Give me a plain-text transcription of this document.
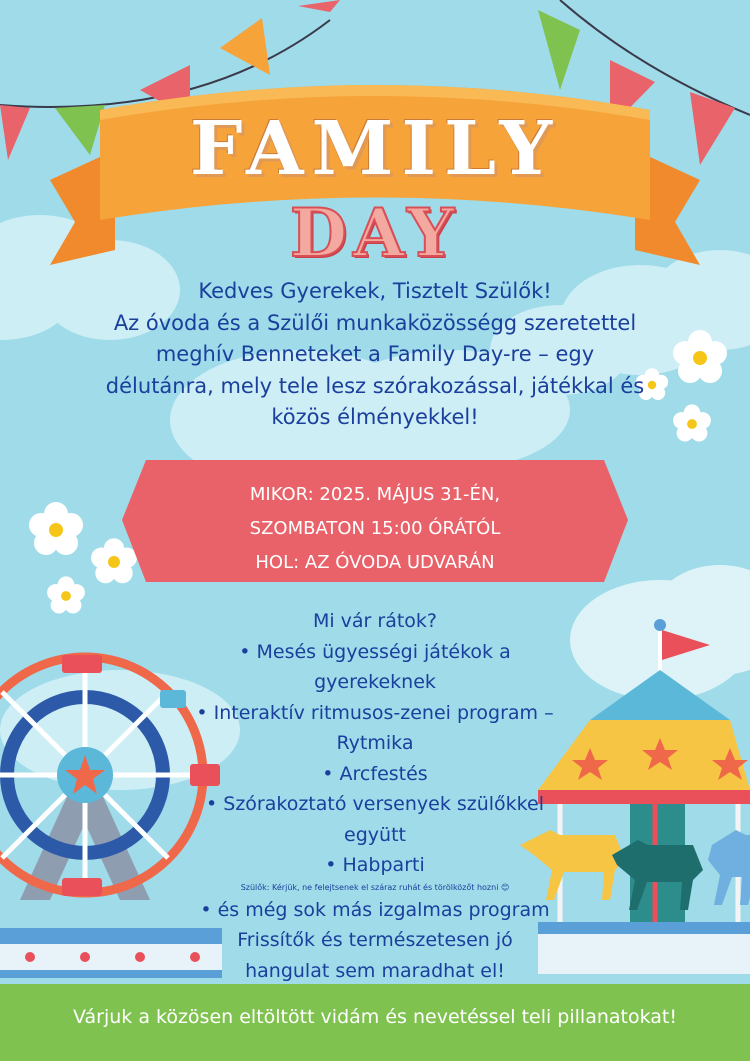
FAMILY
DAY
Kedves Gyerekek, Tisztelt Szülők!
Az óvoda és a Szülői munkaközösségg szeretettel
meghív Benneteket a Family Day-re – egy
délutánra, mely tele lesz szórakozással, játékkal és
közös élményekkel!
MIKOR: 2025. MÁJUS 31-ÉN,
SZOMBATON 15:00 ÓRÁTÓL
HOL: AZ ÓVODA UDVARÁN
Mi vár rátok?
• Mesés ügyességi játékok a
gyerekeknek
• Interaktív ritmusos-zenei program –
Rytmika
• Arcfestés
• Szórakoztató versenyek szülőkkel
együtt
• Habparti
Szülők: Kérjük, ne felejtsenek el száraz ruhát és törölközőt hozni 😊
• és még sok más izgalmas program
Frissítők és természetesen jó
hangulat sem maradhat el!
Várjuk a közösen eltöltött vidám és nevetéssel teli pillanatokat!
